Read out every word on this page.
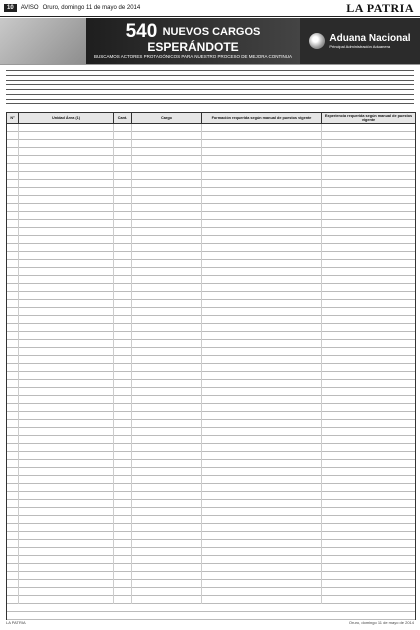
10	AVISO Oruro, domingo 11 de mayo de 2014	LA PATRIA
540 $^{NUEVOS CARGOS}$
ESPERÁNDOTE
BUSCAMOS ACTORES PROTAGÓNICOS PARA NUESTRO PROCESO DE MEJORA CONTINUA
Aduana Nacional
Principal Administración Aduanera
N°	Unidad Área (1)	Cant.	Cargo	Formación requerida según manual de puestos vigente	Experiencia requerida según manual de puestos vigente
LA PATRIA	Oruro, domingo 11 de mayo de 2014
